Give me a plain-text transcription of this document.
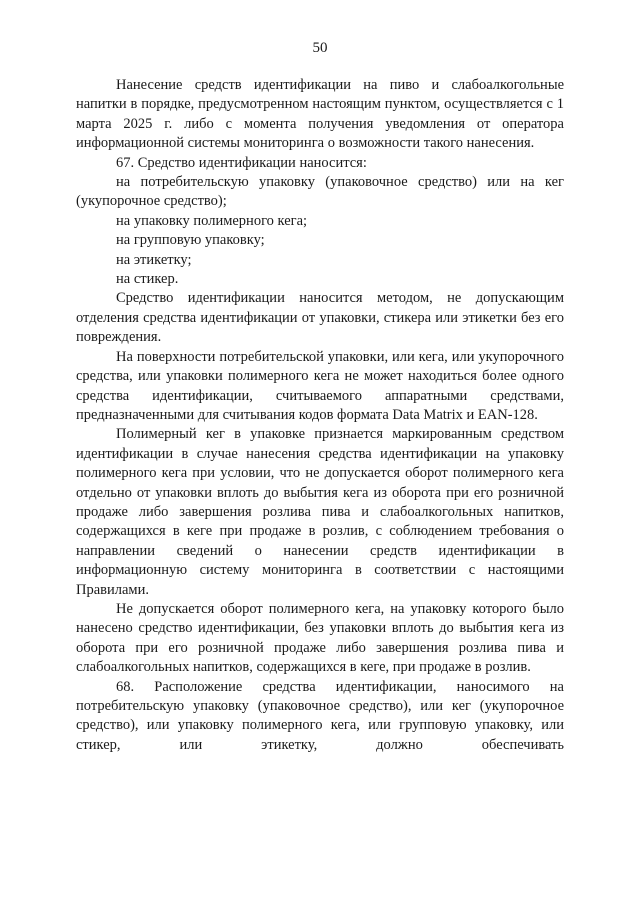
50

Нанесение средств идентификации на пиво и слабоалкогольные напитки в порядке, предусмотренном настоящим пунктом, осуществляется с 1 марта 2025 г. либо с момента получения уведомления от оператора информационной системы мониторинга о возможности такого нанесения.

67. Средство идентификации наносится:

на потребительскую упаковку (упаковочное средство) или на кег (укупорочное средство);

на упаковку полимерного кега;

на групповую упаковку;

на этикетку;

на стикер.

Средство идентификации наносится методом, не допускающим отделения средства идентификации от упаковки, стикера или этикетки без его повреждения.

На поверхности потребительской упаковки, или кега, или укупорочного средства, или упаковки полимерного кега не может находиться более одного средства идентификации, считываемого аппаратными средствами, предназначенными для считывания кодов формата Data Matrix и EAN-128.

Полимерный кег в упаковке признается маркированным средством идентификации в случае нанесения средства идентификации на упаковку полимерного кега при условии, что не допускается оборот полимерного кега отдельно от упаковки вплоть до выбытия кега из оборота при его розничной продаже либо завершения розлива пива и слабоалкогольных напитков, содержащихся в кеге при продаже в розлив, с соблюдением требования о направлении сведений о нанесении средств идентификации в информационную систему мониторинга в соответствии с настоящими Правилами.

Не допускается оборот полимерного кега, на упаковку которого было нанесено средство идентификации, без упаковки вплоть до выбытия кега из оборота при его розничной продаже либо завершения розлива пива и слабоалкогольных напитков, содержащихся в кеге, при продаже в розлив.

68. Расположение средства идентификации, наносимого на потребительскую упаковку (упаковочное средство), или кег (укупорочное средство), или упаковку полимерного кега, или групповую упаковку, или стикер, или этикетку, должно обеспечивать
